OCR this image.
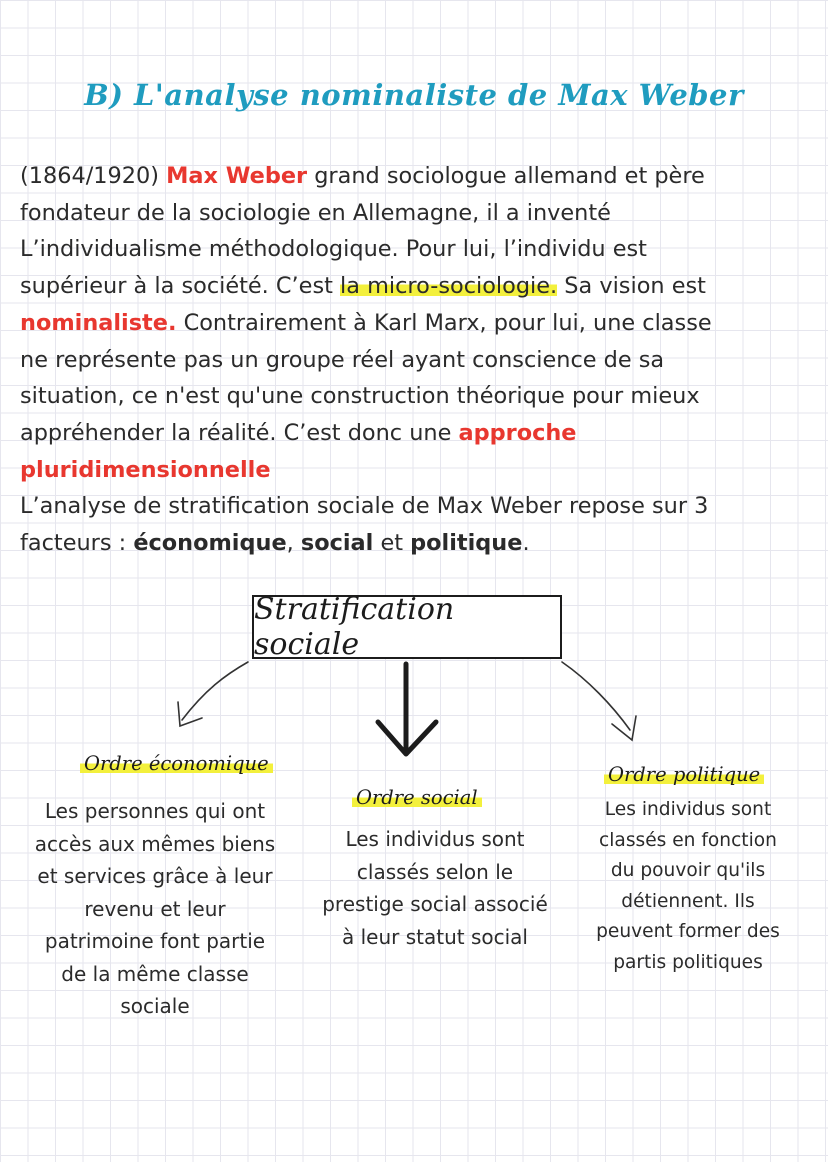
B) L'analyse nominaliste de Max Weber
(1864/1920) Max Weber grand sociologue allemand et père
fondateur de la sociologie en Allemagne, il a inventé
L’individualisme méthodologique. Pour lui, l’individu est
supérieur à la société. C’est la micro-sociologie. Sa vision est
nominaliste. Contrairement à Karl Marx, pour lui, une classe
ne représente pas un groupe réel ayant conscience de sa
situation, ce n'est qu'une construction théorique pour mieux
appréhender la réalité. C’est donc une approche
pluridimensionnelle
L’analyse de stratification sociale de Max Weber repose sur 3
facteurs : économique, social et politique.
Stratification sociale
Ordre économique
Ordre social
Ordre politique
Les personnes qui ont
accès aux mêmes biens
et services grâce à leur
revenu et leur
patrimoine font partie
de la même classe
sociale
Les individus sont
classés selon le
prestige social associé
à leur statut social
Les individus sont
classés en fonction
du pouvoir qu'ils
détiennent. Ils
peuvent former des
partis politiques
